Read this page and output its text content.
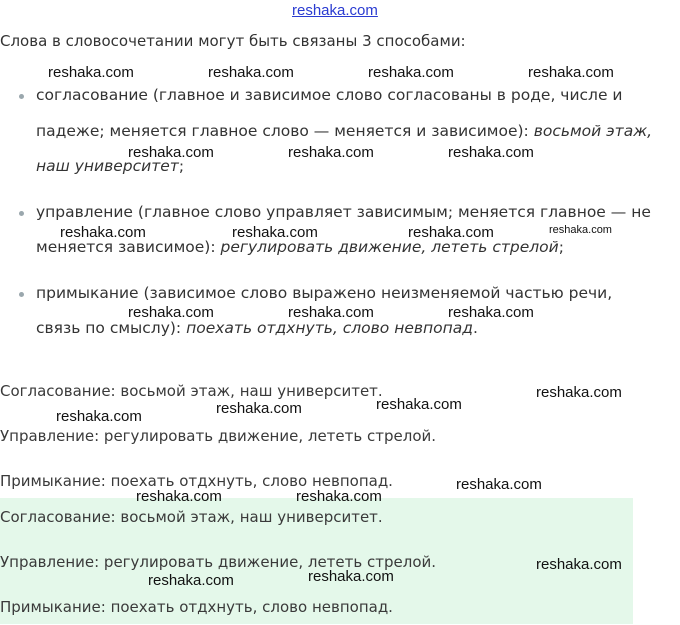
reshaka.com
Слова в словосочетании могут быть связаны 3 способами:
согласование (главное и зависимое слово согласованы в роде, числе и
падеже; меняется главное слово — меняется и зависимое): восьмой этаж,
наш университет;
управление (главное слово управляет зависимым; меняется главное — не
меняется зависимое): регулировать движение, лететь стрелой;
примыкание (зависимое слово выражено неизменяемой частью речи,
связь по смыслу): поехать отдхнуть, слово невпопад.
Согласование: восьмой этаж, наш университет.
Управление: регулировать движение, лететь стрелой.
Примыкание: поехать отдхнуть, слово невпопад.
Согласование: восьмой этаж, наш университет.
Управление: регулировать движение, лететь стрелой.
Примыкание: поехать отдхнуть, слово невпопад.
reshaka.com	reshaka.com	reshaka.com	reshaka.com
reshaka.com	reshaka.com	reshaka.com
reshaka.com	reshaka.com	reshaka.com	reshaka.com
reshaka.com	reshaka.com	reshaka.com
reshaka.com
reshaka.com	reshaka.com	reshaka.com
reshaka.com
reshaka.com	reshaka.com
reshaka.com
reshaka.com	reshaka.com
